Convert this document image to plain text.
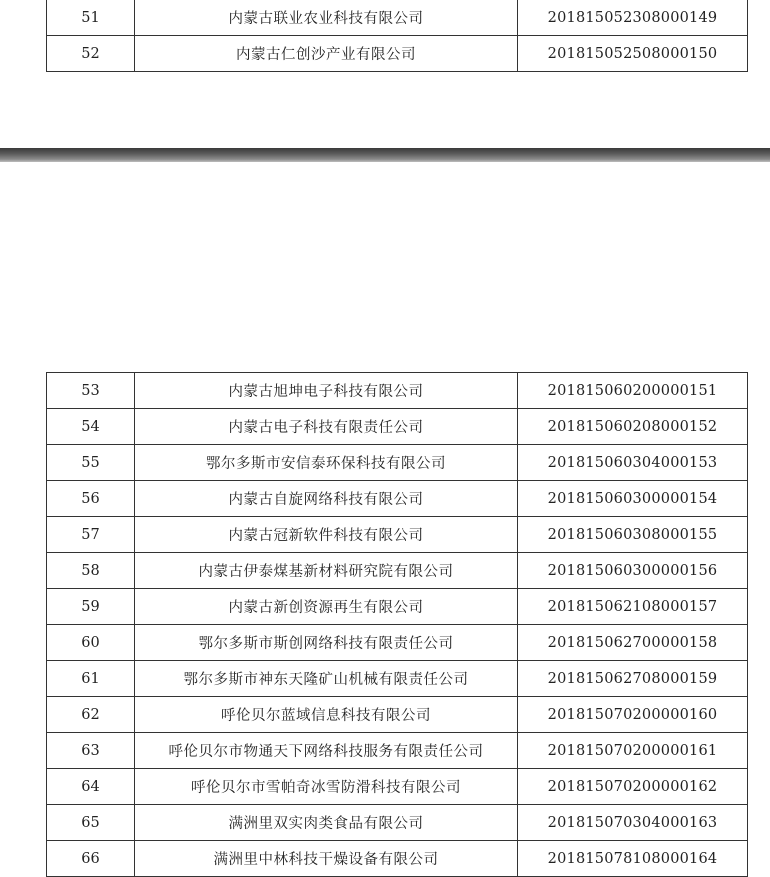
51	内蒙古联业农业科技有限公司	201815052308000149
52	内蒙古仁创沙产业有限公司	201815052508000150
53	内蒙古旭坤电子科技有限公司	201815060200000151
54	内蒙古电子科技有限责任公司	201815060208000152
55	鄂尔多斯市安信泰环保科技有限公司	201815060304000153
56	内蒙古自旋网络科技有限公司	201815060300000154
57	内蒙古冠新软件科技有限公司	201815060308000155
58	内蒙古伊泰煤基新材料研究院有限公司	201815060300000156
59	内蒙古新创资源再生有限公司	201815062108000157
60	鄂尔多斯市斯创网络科技有限责任公司	201815062700000158
61	鄂尔多斯市神东天隆矿山机械有限责任公司	201815062708000159
62	呼伦贝尔蓝域信息科技有限公司	201815070200000160
63	呼伦贝尔市物通天下网络科技服务有限责任公司	201815070200000161
64	呼伦贝尔市雪帕奇冰雪防滑科技有限公司	201815070200000162
65	满洲里双实肉类食品有限公司	201815070304000163
66	满洲里中林科技干燥设备有限公司	201815078108000164
